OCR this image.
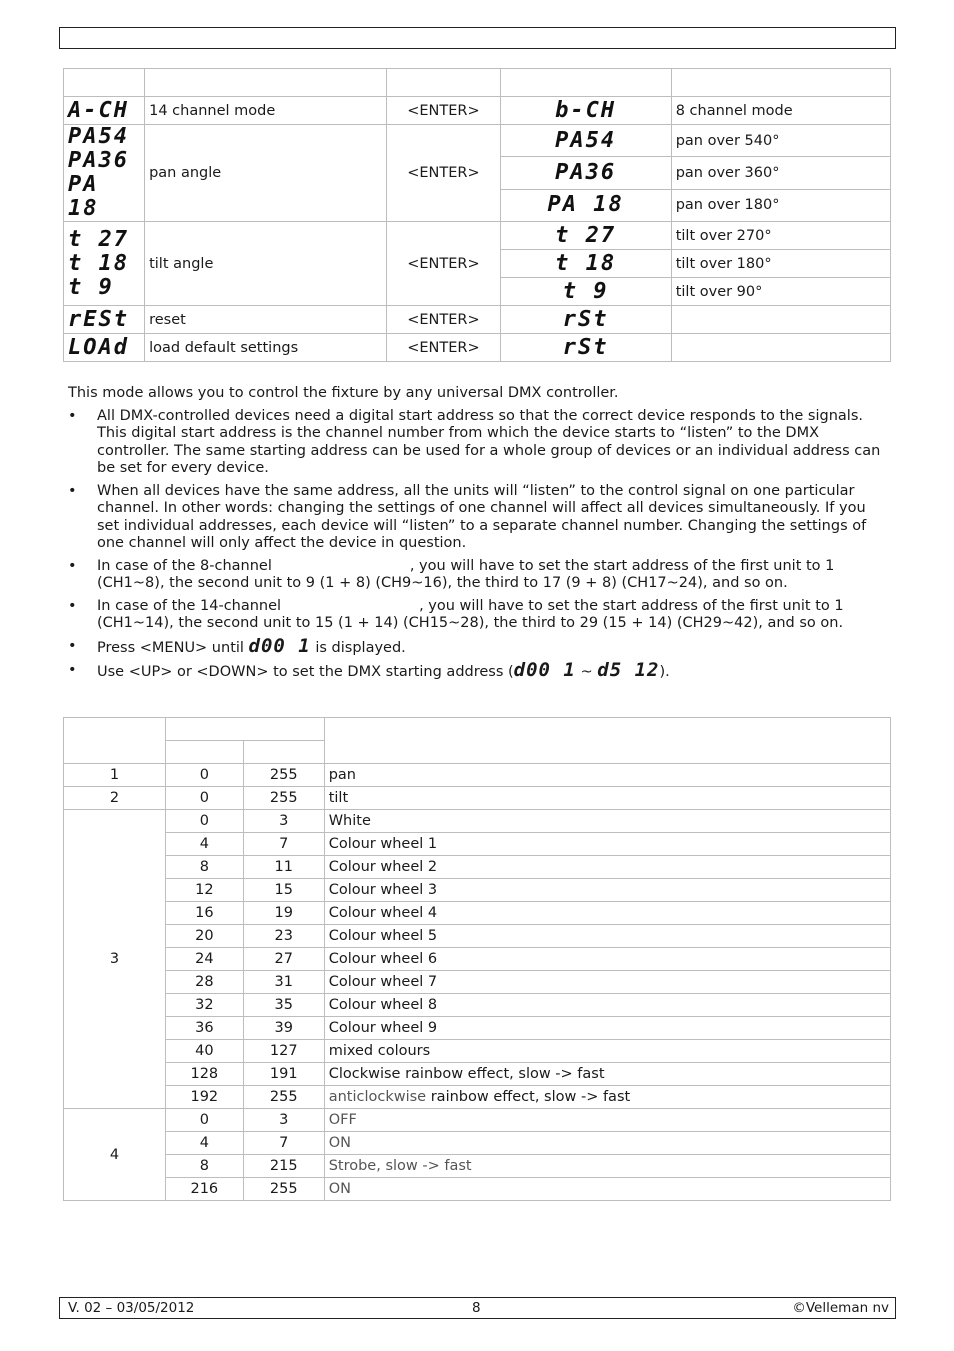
A-CH	14 channel mode	<ENTER>	b-CH	8 channel mode

PA54
PA36
PA 18	pan angle	<ENTER>	PA54	pan over 540°
			PA36	pan over 360°
			PA 18	pan over 180°

t 27
t 18
t 9	tilt angle	<ENTER>	t 27	tilt over 270°
			t 18	tilt over 180°
			t 9	tilt over 90°
rESt	reset	<ENTER>	rSt	
LOAd	load default settings	<ENTER>	rSt	

This mode allows you to control the fixture by any universal DMX controller.

• All DMX-controlled devices need a digital start address so that the correct device responds to the signals. This digital start address is the channel number from which the device starts to “listen” to the DMX controller. The same starting address can be used for a whole group of devices or an individual address can be set for every device.
• When all devices have the same address, all the units will “listen” to the control signal on one particular channel. In other words: changing the settings of one channel will affect all devices simultaneously. If you set individual addresses, each device will “listen” to a separate channel number. Changing the settings of one channel will only affect the device in question.
• In case of the 8-channel	, you will have to set the start address of the first unit to 1 (CH1~8), the second unit to 9 (1 + 8) (CH9~16), the third to 17 (9 + 8) (CH17~24), and so on.
• In case of the 14-channel	, you will have to set the start address of the first unit to 1 (CH1~14), the second unit to 15 (1 + 14) (CH15~28), the third to 29 (15 + 14) (CH29~42), and so on.
• Press <MENU> until d00 1 is displayed.
• Use <UP> or <DOWN> to set the DMX starting address (d00 1 ~ d5 12).

1	0	255	pan
2	0	255	tilt
3	0	3	White
	4	7	Colour wheel 1
	8	11	Colour wheel 2
	12	15	Colour wheel 3
	16	19	Colour wheel 4
	20	23	Colour wheel 5
	24	27	Colour wheel 6
	28	31	Colour wheel 7
	32	35	Colour wheel 8
	36	39	Colour wheel 9
	40	127	mixed colours
	128	191	Clockwise rainbow effect, slow -> fast
	192	255	anticlockwise rainbow effect, slow -> fast
4	0	3	OFF
	4	7	ON
	8	215	Strobe, slow -> fast
	216	255	ON
V. 02 – 03/05/2012	8	©Velleman nv
